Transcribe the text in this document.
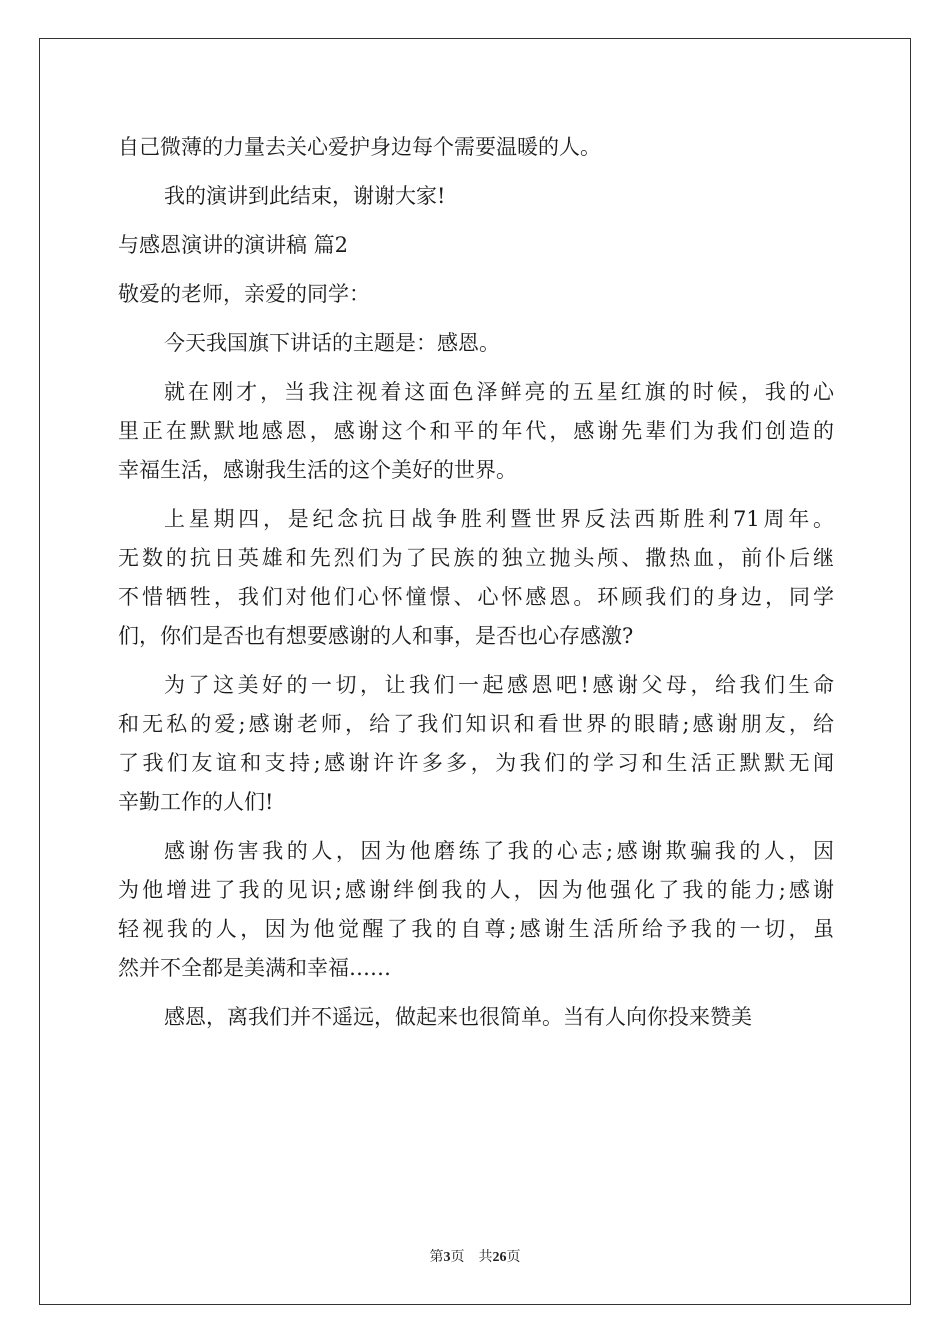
自己微薄的力量去关心爱护身边每个需要温暖的人。
我的演讲到此结束，谢谢大家!
与感恩演讲的演讲稿 篇2
敬爱的老师，亲爱的同学：
今天我国旗下讲话的主题是：感恩。
就在刚才，当我注视着这面色泽鲜亮的五星红旗的时候，我的心
里正在默默地感恩，感谢这个和平的年代，感谢先辈们为我们创造的
幸福生活，感谢我生活的这个美好的世界。
上星期四，是纪念抗日战争胜利暨世界反法西斯胜利71周年。
无数的抗日英雄和先烈们为了民族的独立抛头颅、撒热血，前仆后继
不惜牺牲，我们对他们心怀憧憬、心怀感恩。环顾我们的身边，同学
们，你们是否也有想要感谢的人和事，是否也心存感激?
为了这美好的一切，让我们一起感恩吧!感谢父母，给我们生命
和无私的爱;感谢老师，给了我们知识和看世界的眼睛;感谢朋友，给
了我们友谊和支持;感谢许许多多，为我们的学习和生活正默默无闻
辛勤工作的人们!
感谢伤害我的人，因为他磨练了我的心志;感谢欺骗我的人，因
为他增进了我的见识;感谢绊倒我的人，因为他强化了我的能力;感谢
轻视我的人，因为他觉醒了我的自尊;感谢生活所给予我的一切，虽
然并不全都是美满和幸福……
感恩，离我们并不遥远，做起来也很简单。当有人向你投来赞美
第3页 共26页
